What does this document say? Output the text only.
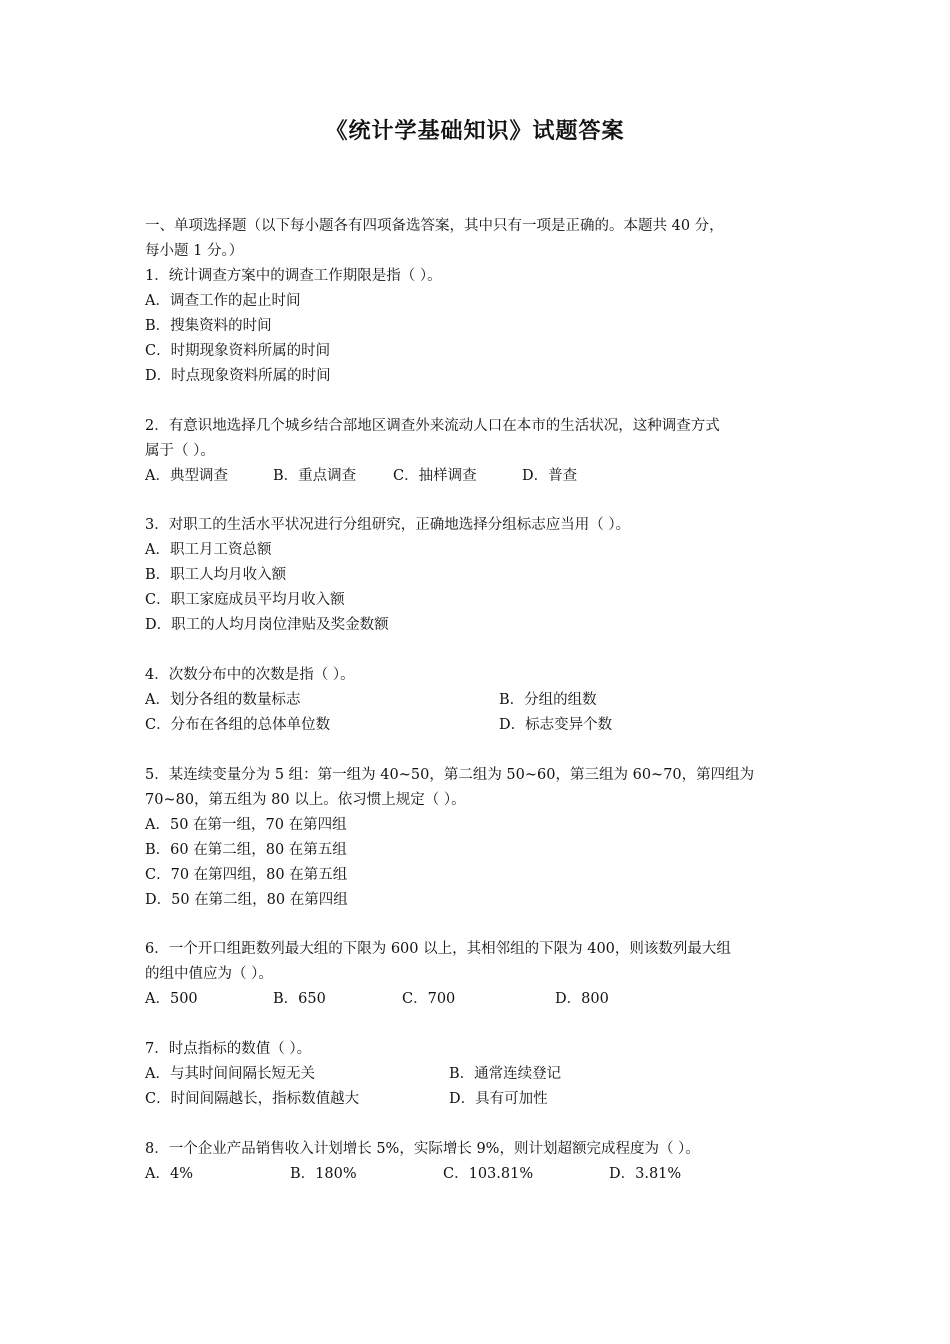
《统计学基础知识》试题答案
一、单项选择题（以下每小题各有四项备选答案，其中只有一项是正确的。本题共 40 分，
每小题 1 分。）
1．统计调查方案中的调查工作期限是指（ ）。
A．调查工作的起止时间
B．搜集资料的时间
C．时期现象资料所属的时间
D．时点现象资料所属的时间
2．有意识地选择几个城乡结合部地区调查外来流动人口在本市的生活状况，这种调查方式
属于（ ）。
A．典型调查	B．重点调查	C．抽样调查	D．普查
3．对职工的生活水平状况进行分组研究，正确地选择分组标志应当用（ ）。
A．职工月工资总额
B．职工人均月收入额
C．职工家庭成员平均月收入额
D．职工的人均月岗位津贴及奖金数额
4．次数分布中的次数是指（ ）。
A．划分各组的数量标志	B．分组的组数
C．分布在各组的总体单位数	D．标志变异个数
5．某连续变量分为 5 组：第一组为 40~50，第二组为 50~60，第三组为 60~70，第四组为
70~80，第五组为 80 以上。依习惯上规定（ ）。
A．50 在第一组，70 在第四组
B．60 在第二组，80 在第五组
C．70 在第四组，80 在第五组
D．50 在第二组，80 在第四组
6．一个开口组距数列最大组的下限为 600 以上，其相邻组的下限为 400，则该数列最大组
的组中值应为（ ）。
A．500	B．650	C．700	D．800
7．时点指标的数值（ ）。
A．与其时间间隔长短无关	B．通常连续登记
C．时间间隔越长，指标数值越大	D．具有可加性
8．一个企业产品销售收入计划增长 5%，实际增长 9%，则计划超额完成程度为（ ）。
A．4%	B．180%	C．103.81%	D．3.81%
